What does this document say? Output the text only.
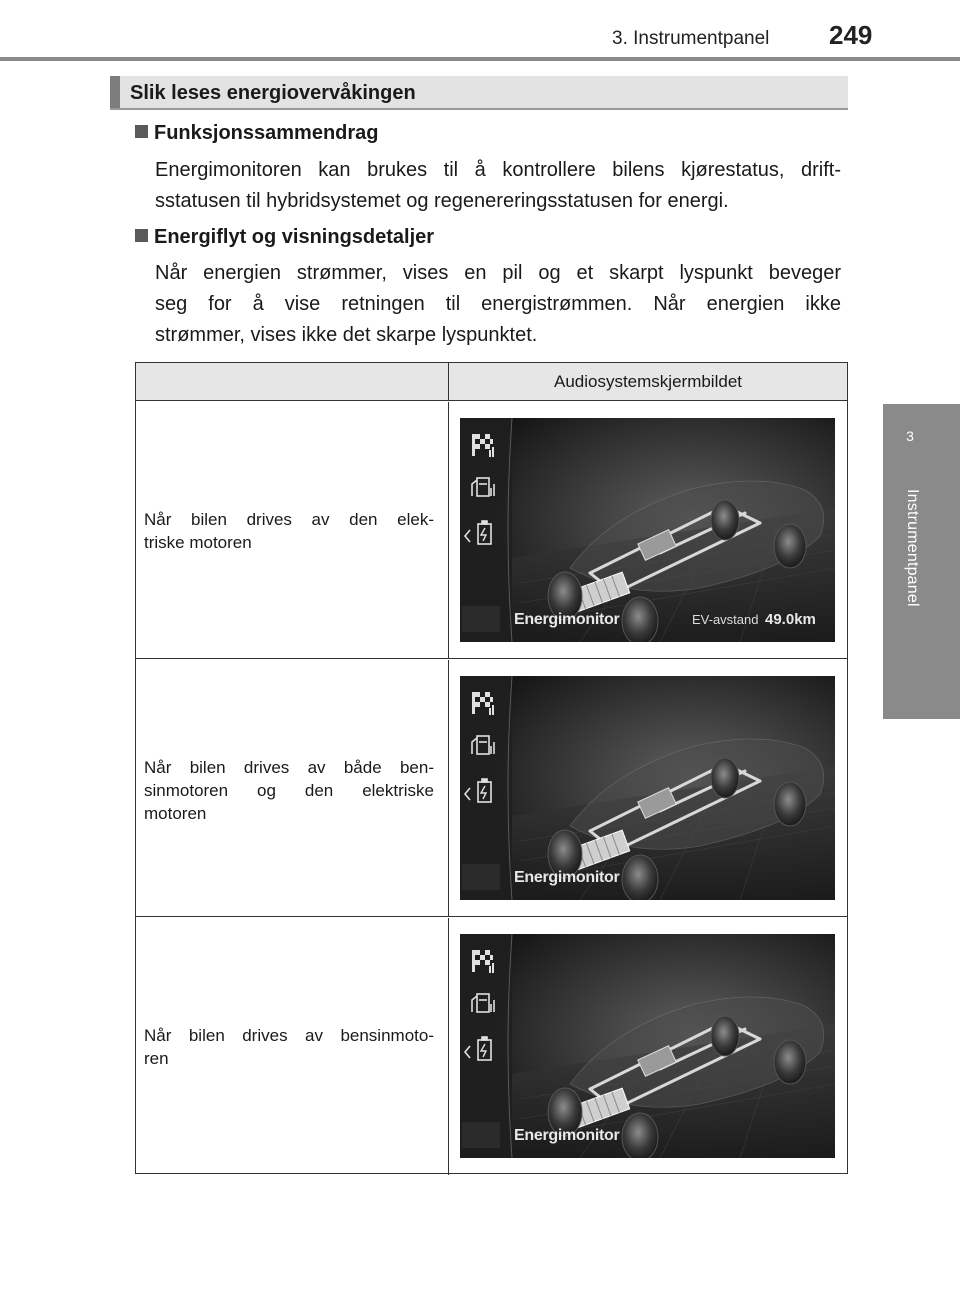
3. Instrumentpanel 249
3
Instrumentpanel
Slik leses energiovervåkingen
Funksjonssammendrag
Energimonitoren kan brukes til å kontrollere bilens kjørestatus, drift-
sstatusen til hybridsystemet og regenereringsstatusen for energi.
Energiflyt og visningsdetaljer
Når energien strømmer, vises en pil og et skarpt lyspunkt beveger
seg for å vise retningen til energistrømmen. Når energien ikke
strømmer, vises ikke det skarpe lyspunktet.
Audiosystemskjermbildet
Når bilen drives av den elek-
triske motoren
Energimonitor	EV-avstand 49.0km
Når bilen drives av både ben-
sinmotoren og den elektriske
motoren
Energimonitor
Når bilen drives av bensinmoto-
ren
Energimonitor
